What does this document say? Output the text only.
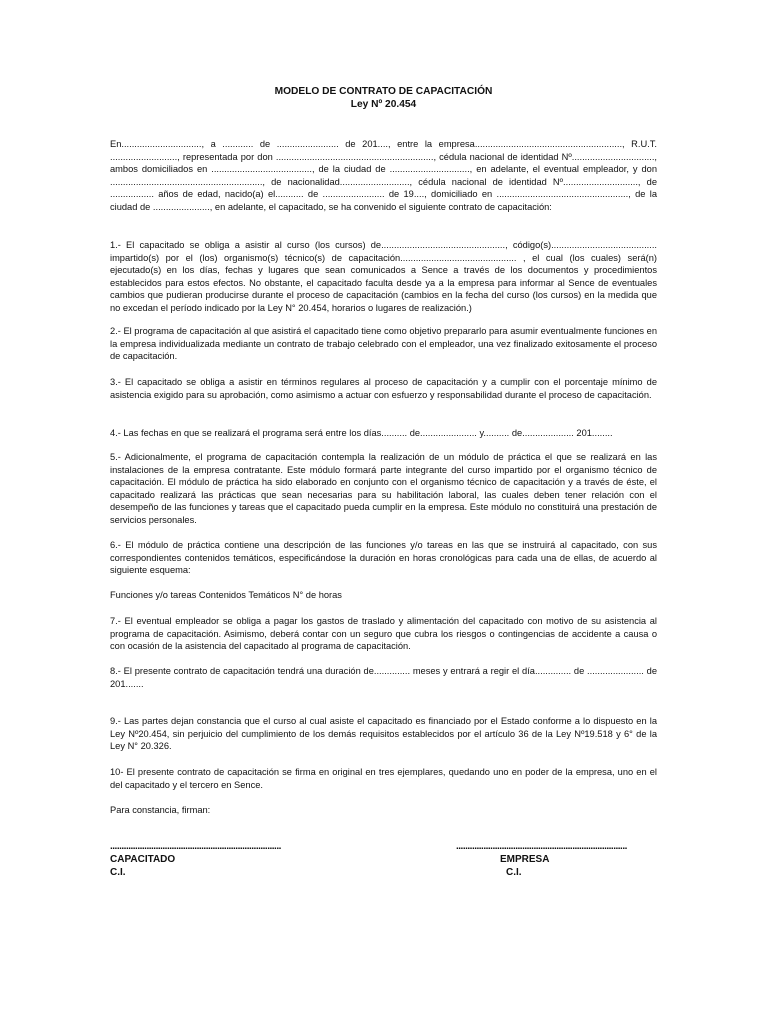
MODELO DE CONTRATO DE CAPACITACIÓN
Ley Nº 20.454

En..............................., a ............ de ........................ de 201...., entre la empresa........................................................., R.U.T. .........................., representada por don ............................................................., cédula nacional de identidad Nº................................, ambos domiciliados en ......................................., de la ciudad de ..............................., en adelante, el eventual empleador, y don ..........................................................., de nacionalidad..........................., cédula nacional de identidad Nº............................., de ................. años de edad, nacido(a) el........... de ........................ de 19...., domiciliado en ..................................................., de la ciudad de ......................, en adelante, el capacitado, se ha convenido el siguiente contrato de capacitación:

1.- El capacitado se obliga a asistir al curso (los cursos) de................................................, código(s)......................................... impartido(s) por el (los) organismo(s) técnico(s) de capacitación............................................. , el cual (los cuales) será(n) ejecutado(s) en los días, fechas y lugares que sean comunicados a Sence a través de los documentos y procedimientos establecidos para estos efectos. No obstante, el capacitado faculta desde ya a la empresa para informar al Sence de eventuales cambios que pudieran producirse durante el proceso de capacitación (cambios en la fecha del curso (los cursos) en la medida que no excedan el período indicado por la Ley N° 20.454, horarios o lugares de realización.)

2.- El programa de capacitación al que asistirá el capacitado tiene como objetivo prepararlo para asumir eventualmente funciones en la empresa individualizada mediante un contrato de trabajo celebrado con el empleador, una vez finalizado exitosamente el proceso de capacitación.

3.- El capacitado se obliga a asistir en términos regulares al proceso de capacitación y a cumplir con el porcentaje mínimo de asistencia exigido para su aprobación, como asimismo a actuar con esfuerzo y responsabilidad durante el proceso de capacitación.

4.- Las fechas en que se realizará el programa será entre los días.......... de...................... y.......... de.................... 201........

5.- Adicionalmente, el programa de capacitación contempla la realización de un módulo de práctica el que se realizará en las instalaciones de la empresa contratante. Este módulo formará parte integrante del curso impartido por el organismo técnico de capacitación. El módulo de práctica ha sido elaborado en conjunto con el organismo técnico de capacitación y a través de éste, el capacitado realizará las prácticas que sean necesarias para su habilitación laboral, las cuales deben tener relación con el desempeño de las funciones y tareas que el capacitado pueda cumplir en la empresa. Este módulo no constituirá una prestación de servicios personales.

6.- El módulo de práctica contiene una descripción de las funciones y/o tareas en las que se instruirá al capacitado, con sus correspondientes contenidos temáticos, especificándose la duración en horas cronológicas para cada una de ellas, de acuerdo al siguiente esquema:

Funciones y/o tareas Contenidos Temáticos N° de horas

7.- El eventual empleador se obliga a pagar los gastos de traslado y alimentación del capacitado con motivo de su asistencia al programa de capacitación. Asimismo, deberá contar con un seguro que cubra los riesgos o contingencias de accidente a causa o con ocasión de la asistencia del capacitado al programa de capacitación.

8.- El presente contrato de capacitación tendrá una duración de.............. meses y entrará a regir el día.............. de ...................... de 201.......

9.- Las partes dejan constancia que el curso al cual asiste el capacitado es financiado por el Estado conforme a lo dispuesto en la Ley Nº20.454, sin perjuicio del cumplimiento de los demás requisitos establecidos por el artículo 36 de la Ley Nº19.518 y 6° de la Ley N° 20.326.

10- El presente contrato de capacitación se firma en original en tres ejemplares, quedando uno en poder de la empresa, uno en el del capacitado y el tercero en Sence.

Para constancia, firman:

...........................................................................	...........................................................................
CAPACITADO
C.I.
EMPRESA
C.I.
